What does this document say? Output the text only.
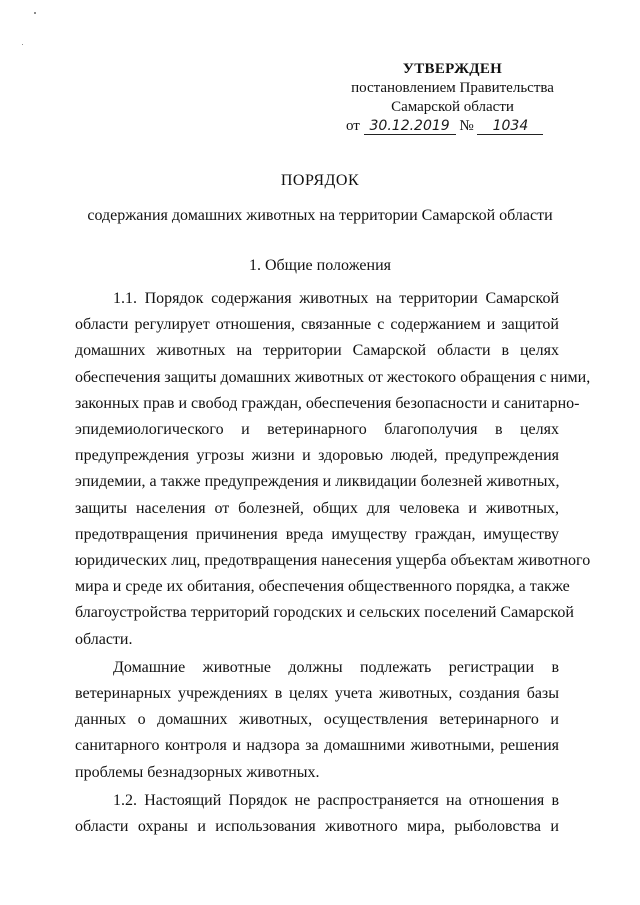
УТВЕРЖДЕН
постановлением Правительства
Самарской области
от 30.12.2019 № 1034
ПОРЯДОК
содержания домашних животных на территории Самарской области
1. Общие положения
1.1. Порядок содержания животных на территории Самарской
области регулирует отношения, связанные с содержанием и защитой
домашних животных на территории Самарской области в целях
обеспечения защиты домашних животных от жестокого обращения с ними,
законных прав и свобод граждан, обеспечения безопасности и санитарно-
эпидемиологического и ветеринарного благополучия в целях
предупреждения угрозы жизни и здоровью людей, предупреждения
эпидемии, а также предупреждения и ликвидации болезней животных,
защиты населения от болезней, общих для человека и животных,
предотвращения причинения вреда имуществу граждан, имуществу
юридических лиц, предотвращения нанесения ущерба объектам животного
мира и среде их обитания, обеспечения общественного порядка, а также
благоустройства территорий городских и сельских поселений Самарской
области.
Домашние животные должны подлежать регистрации в
ветеринарных учреждениях в целях учета животных, создания базы
данных о домашних животных, осуществления ветеринарного и
санитарного контроля и надзора за домашними животными, решения
проблемы безнадзорных животных.
1.2. Настоящий Порядок не распространяется на отношения в
области охраны и использования животного мира, рыболовства и
